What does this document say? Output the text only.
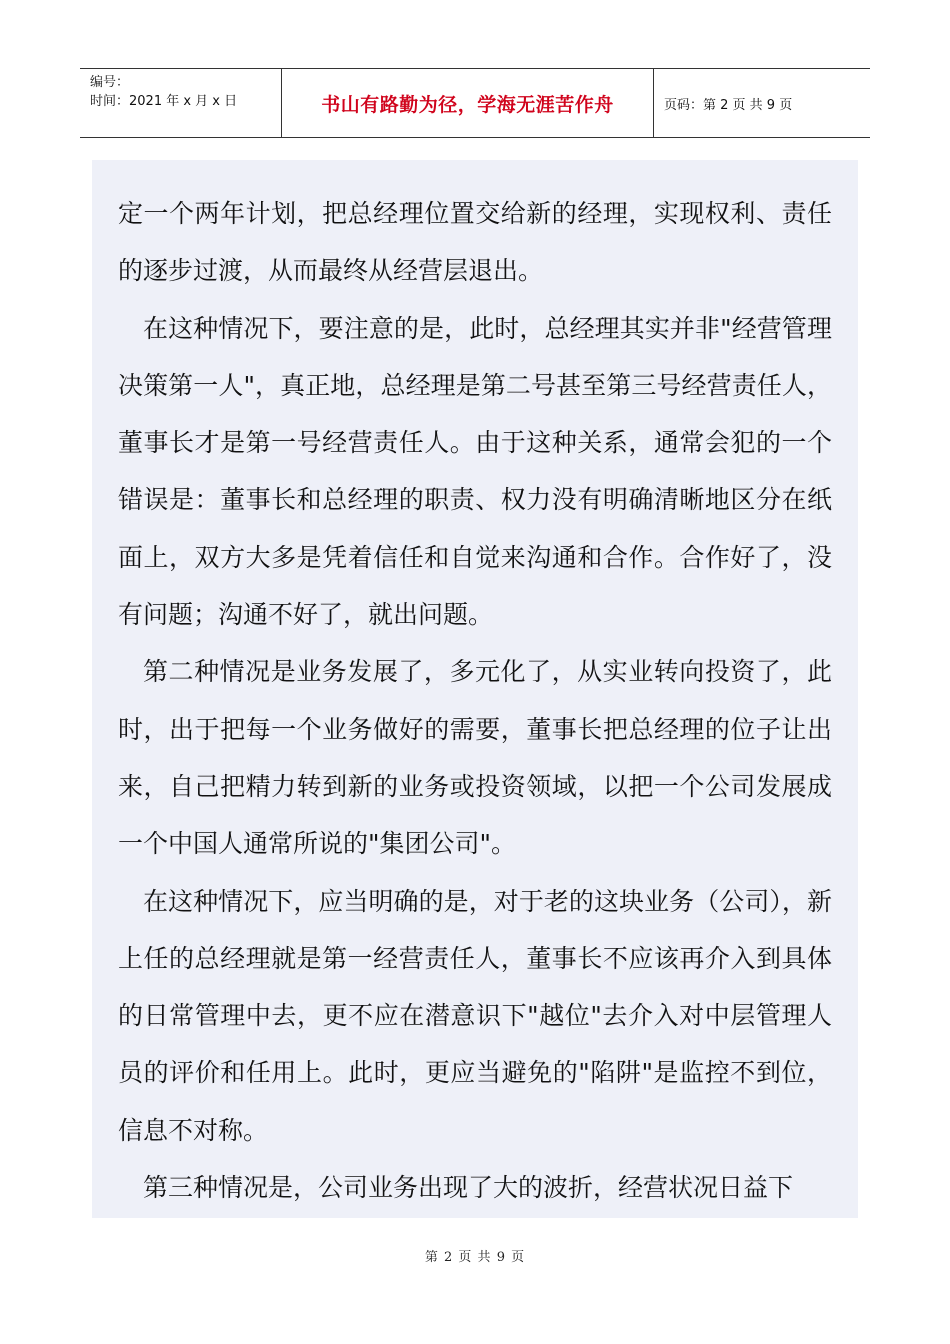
编号：
时间：2021 年 x 月 x 日	书山有路勤为径，学海无涯苦作舟	页码：第 2 页 共 9 页

定一个两年计划，把总经理位置交给新的经理，实现权利、责任的逐步过渡，从而最终从经营层退出。

在这种情况下，要注意的是，此时，总经理其实并非"经营管理决策第一人"，真正地，总经理是第二号甚至第三号经营责任人，董事长才是第一号经营责任人。由于这种关系，通常会犯的一个错误是：董事长和总经理的职责、权力没有明确清晰地区分在纸面上，双方大多是凭着信任和自觉来沟通和合作。合作好了，没有问题；沟通不好了，就出问题。

第二种情况是业务发展了，多元化了，从实业转向投资了，此时，出于把每一个业务做好的需要，董事长把总经理的位子让出来，自己把精力转到新的业务或投资领域，以把一个公司发展成一个中国人通常所说的"集团公司"。

在这种情况下，应当明确的是，对于老的这块业务（公司），新上任的总经理就是第一经营责任人，董事长不应该再介入到具体的日常管理中去，更不应在潜意识下"越位"去介入对中层管理人员的评价和任用上。此时，更应当避免的"陷阱"是监控不到位，信息不对称。

第三种情况是，公司业务出现了大的波折，经营状况日益下

第 2 页 共 9 页
